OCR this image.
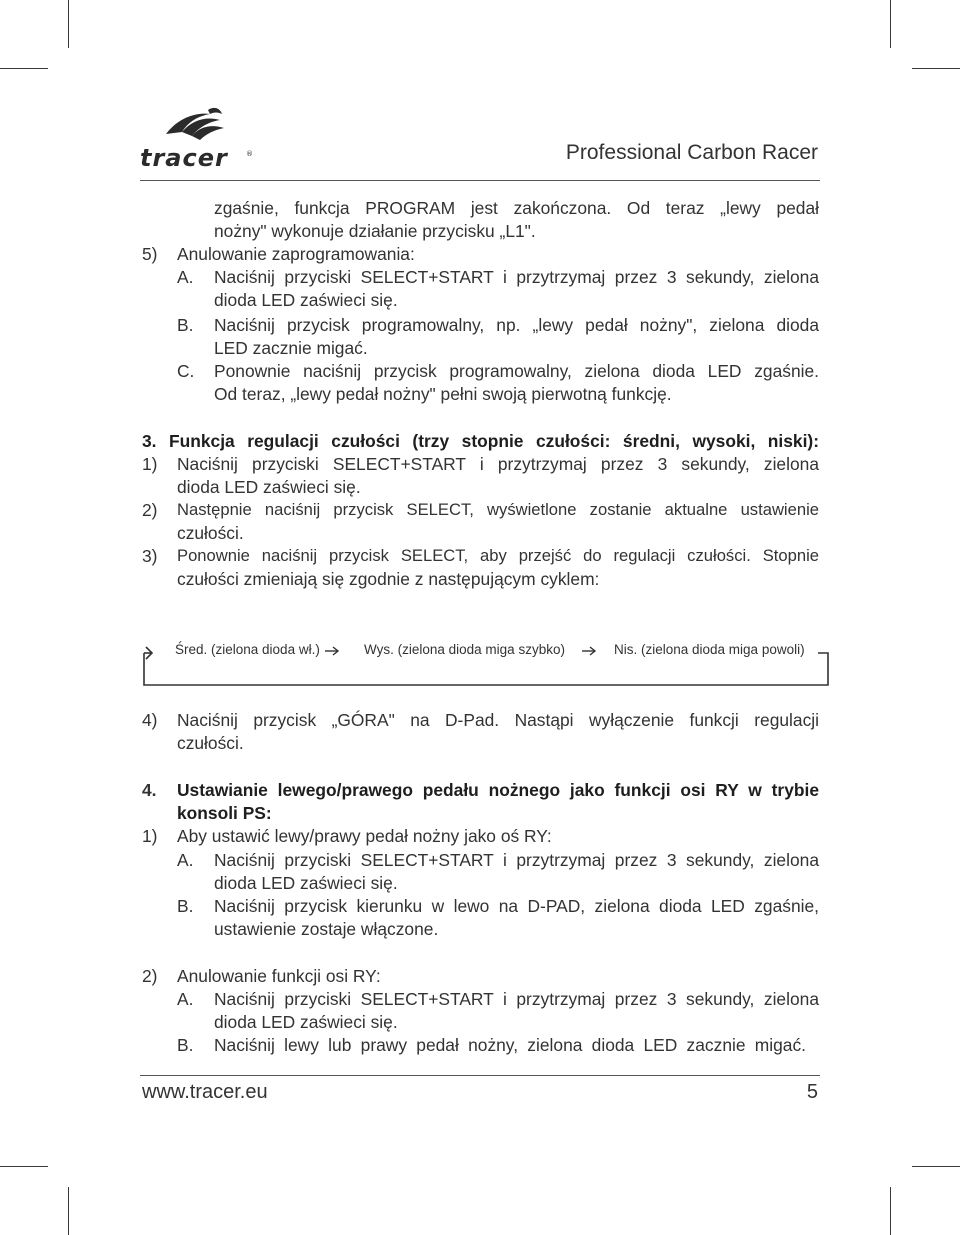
tracer	®	Professional Carbon Racer
zgaśnie, funkcja PROGRAM jest zakończona. Od teraz „lewy pedał
nożny" wykonuje działanie przycisku „L1".
5) Anulowanie zaprogramowania:
A. Naciśnij przyciski SELECT+START i przytrzymaj przez 3 sekundy, zielona
dioda LED zaświeci się.
B. Naciśnij przycisk programowalny, np. „lewy pedał nożny", zielona dioda
LED zacznie migać.
C. Ponownie naciśnij przycisk programowalny, zielona dioda LED zgaśnie.
Od teraz, „lewy pedał nożny" pełni swoją pierwotną funkcję.
3. Funkcja regulacji czułości (trzy stopnie czułości: średni, wysoki, niski):
1) Naciśnij przyciski SELECT+START i przytrzymaj przez 3 sekundy, zielona
dioda LED zaświeci się.
2) Następnie naciśnij przycisk SELECT, wyświetlone zostanie aktualne ustawienie
czułości.
3) Ponownie naciśnij przycisk SELECT, aby przejść do regulacji czułości. Stopnie
czułości zmieniają się zgodnie z następującym cyklem:
Śred. (zielona dioda wł.)	Wys. (zielona dioda miga szybko)	Nis. (zielona dioda miga powoli)
4) Naciśnij przycisk „GÓRA" na D-Pad. Nastąpi wyłączenie funkcji regulacji
czułości.
4. Ustawianie lewego/prawego pedału nożnego jako funkcji osi RY w trybie
konsoli PS:
1) Aby ustawić lewy/prawy pedał nożny jako oś RY:
A. Naciśnij przyciski SELECT+START i przytrzymaj przez 3 sekundy, zielona
dioda LED zaświeci się.
B. Naciśnij przycisk kierunku w lewo na D-PAD, zielona dioda LED zgaśnie,
ustawienie zostaje włączone.
2) Anulowanie funkcji osi RY:
A. Naciśnij przyciski SELECT+START i przytrzymaj przez 3 sekundy, zielona
dioda LED zaświeci się.
B. Naciśnij lewy lub prawy pedał nożny, zielona dioda LED zacznie migać.
www.tracer.eu	5
